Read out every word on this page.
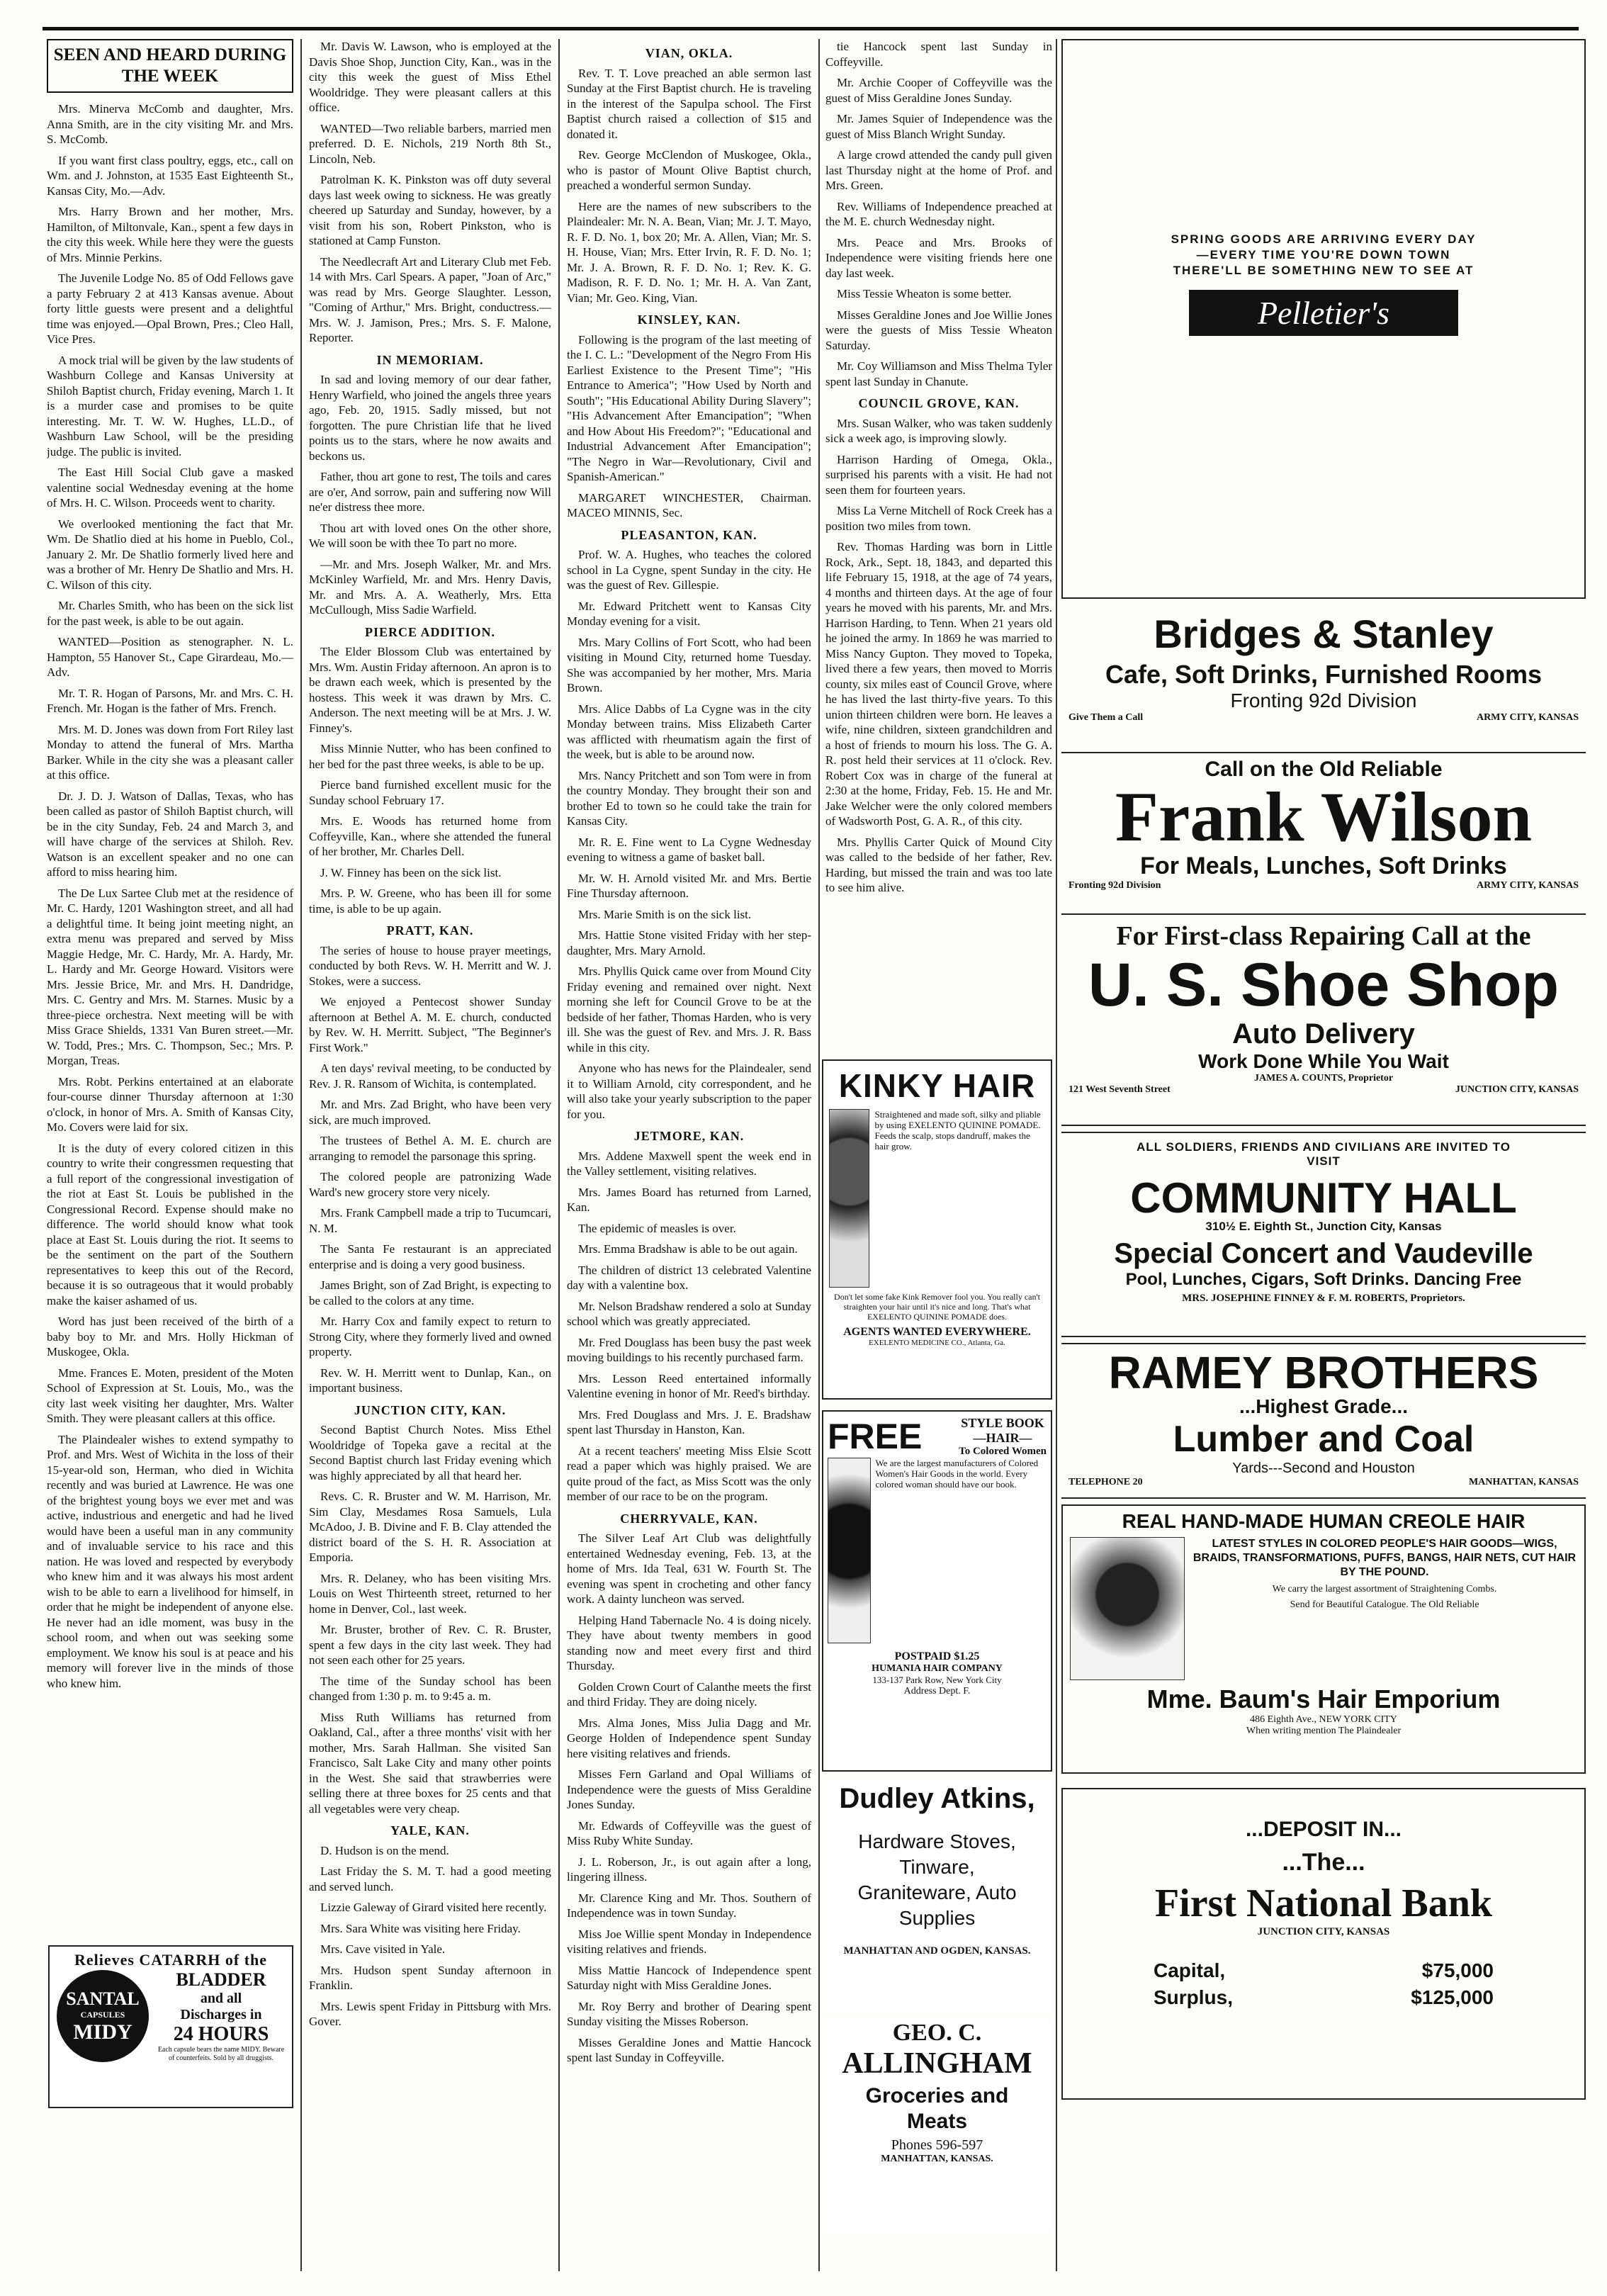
SEEN AND HEARD DURING THE WEEK

Mrs. Minerva McComb and daughter, Mrs. Anna Smith, are in the city visiting Mr. and Mrs. S. McComb.

If you want first class poultry, eggs, etc., call on Wm. and J. Johnston, at 1535 East Eighteenth St., Kansas City, Mo.—Adv.

Mrs. Harry Brown and her mother, Mrs. Hamilton, of Miltonvale, Kan., spent a few days in the city this week. While here they were the guests of Mrs. Minnie Perkins.

The Juvenile Lodge No. 85 of Odd Fellows gave a party February 2 at 413 Kansas avenue. About forty little guests were present and a delightful time was enjoyed.—Opal Brown, Pres.; Cleo Hall, Vice Pres.

A mock trial will be given by the law students of Washburn College and Kansas University at Shiloh Baptist church, Friday evening, March 1. It is a murder case and promises to be quite interesting. Mr. T. W. W. Hughes, LL.D., of Washburn Law School, will be the presiding judge. The public is invited.

The East Hill Social Club gave a masked valentine social Wednesday evening at the home of Mrs. H. C. Wilson. Proceeds went to charity.

We overlooked mentioning the fact that Mr. Wm. De Shatlio died at his home in Pueblo, Col., January 2. Mr. De Shatlio formerly lived here and was a brother of Mr. Henry De Shatlio and Mrs. H. C. Wilson of this city.

Mr. Charles Smith, who has been on the sick list for the past week, is able to be out again.

WANTED—Position as stenographer. N. L. Hampton, 55 Hanover St., Cape Girardeau, Mo.—Adv.

Mr. T. R. Hogan of Parsons, Mr. and Mrs. C. H. French. Mr. Hogan is the father of Mrs. French.

Mrs. M. D. Jones was down from Fort Riley last Monday to attend the funeral of Mrs. Martha Barker. While in the city she was a pleasant caller at this office.

Dr. J. D. J. Watson of Dallas, Texas, who has been called as pastor of Shiloh Baptist church, will be in the city Sunday, Feb. 24 and March 3, and will have charge of the services at Shiloh. Rev. Watson is an excellent speaker and no one can afford to miss hearing him.

The De Lux Sartee Club met at the residence of Mr. C. Hardy, 1201 Washington street, and all had a delightful time. It being joint meeting night, an extra menu was prepared and served by Miss Maggie Hedge, Mr. C. Hardy, Mr. A. Hardy, Mr. L. Hardy and Mr. George Howard. Visitors were Mrs. Jessie Brice, Mr. and Mrs. H. Dandridge, Mrs. C. Gentry and Mrs. M. Starnes. Music by a three-piece orchestra. Next meeting will be with Miss Grace Shields, 1331 Van Buren street.—Mr. W. Todd, Pres.; Mrs. C. Thompson, Sec.; Mrs. P. Morgan, Treas.

Mrs. Robt. Perkins entertained at an elaborate four-course dinner Thursday afternoon at 1:30 o'clock, in honor of Mrs. A. Smith of Kansas City, Mo. Covers were laid for six.

It is the duty of every colored citizen in this country to write their congressmen requesting that a full report of the congressional investigation of the riot at East St. Louis be published in the Congressional Record. Expense should make no difference. The world should know what took place at East St. Louis during the riot. It seems to be the sentiment on the part of the Southern representatives to keep this out of the Record, because it is so outrageous that it would probably make the kaiser ashamed of us.

Word has just been received of the birth of a baby boy to Mr. and Mrs. Holly Hickman of Muskogee, Okla.

Mme. Frances E. Moten, president of the Moten School of Expression at St. Louis, Mo., was the city last week visiting her daughter, Mrs. Walter Smith. They were pleasant callers at this office.

The Plaindealer wishes to extend sympathy to Prof. and Mrs. West of Wichita in the loss of their 15-year-old son, Herman, who died in Wichita recently and was buried at Lawrence. He was one of the brightest young boys we ever met and was active, industrious and energetic and had he lived would have been a useful man in any community and of invaluable service to his race and this nation. He was loved and respected by everybody who knew him and it was always his most ardent wish to be able to earn a livelihood for himself, in order that he might be independent of anyone else. He never had an idle moment, was busy in the school room, and when out was seeking some employment. We know his soul is at peace and his memory will forever live in the minds of those who knew him.

Relieves CATARRH of the
SANTAL
CAPSULES
MIDY
BLADDER
and all
Discharges in
24 HOURS
Each capsule bears the name MIDY. Beware of counterfeits. Sold by all druggists.

Mr. Davis W. Lawson, who is employed at the Davis Shoe Shop, Junction City, Kan., was in the city this week the guest of Miss Ethel Wooldridge. They were pleasant callers at this office.

WANTED—Two reliable barbers, married men preferred. D. E. Nichols, 219 North 8th St., Lincoln, Neb.

Patrolman K. K. Pinkston was off duty several days last week owing to sickness. He was greatly cheered up Saturday and Sunday, however, by a visit from his son, Robert Pinkston, who is stationed at Camp Funston.

The Needlecraft Art and Literary Club met Feb. 14 with Mrs. Carl Spears. A paper, "Joan of Arc," was read by Mrs. George Slaughter. Lesson, "Coming of Arthur," Mrs. Bright, conductress.—Mrs. W. J. Jamison, Pres.; Mrs. S. F. Malone, Reporter.

IN MEMORIAM.

In sad and loving memory of our dear father, Henry Warfield, who joined the angels three years ago, Feb. 20, 1915. Sadly missed, but not forgotten. The pure Christian life that he lived points us to the stars, where he now awaits and beckons us.

Father, thou art gone to rest, The toils and cares are o'er, And sorrow, pain and suffering now Will ne'er distress thee more.

Thou art with loved ones On the other shore, We will soon be with thee To part no more.

—Mr. and Mrs. Joseph Walker, Mr. and Mrs. McKinley Warfield, Mr. and Mrs. Henry Davis, Mr. and Mrs. A. A. Weatherly, Mrs. Etta McCullough, Miss Sadie Warfield.

PIERCE ADDITION.

The Elder Blossom Club was entertained by Mrs. Wm. Austin Friday afternoon. An apron is to be drawn each week, which is presented by the hostess. This week it was drawn by Mrs. C. Anderson. The next meeting will be at Mrs. J. W. Finney's.

Miss Minnie Nutter, who has been confined to her bed for the past three weeks, is able to be up.

Pierce band furnished excellent music for the Sunday school February 17.

Mrs. E. Woods has returned home from Coffeyville, Kan., where she attended the funeral of her brother, Mr. Charles Dell.

J. W. Finney has been on the sick list.

Mrs. P. W. Greene, who has been ill for some time, is able to be up again.

PRATT, KAN.

The series of house to house prayer meetings, conducted by both Revs. W. H. Merritt and W. J. Stokes, were a success.

We enjoyed a Pentecost shower Sunday afternoon at Bethel A. M. E. church, conducted by Rev. W. H. Merritt. Subject, "The Beginner's First Work."

A ten days' revival meeting, to be conducted by Rev. J. R. Ransom of Wichita, is contemplated.

Mr. and Mrs. Zad Bright, who have been very sick, are much improved.

The trustees of Bethel A. M. E. church are arranging to remodel the parsonage this spring.

The colored people are patronizing Wade Ward's new grocery store very nicely.

Mrs. Frank Campbell made a trip to Tucumcari, N. M.

The Santa Fe restaurant is an appreciated enterprise and is doing a very good business.

James Bright, son of Zad Bright, is expecting to be called to the colors at any time.

Mr. Harry Cox and family expect to return to Strong City, where they formerly lived and owned property.

Rev. W. H. Merritt went to Dunlap, Kan., on important business.

JUNCTION CITY, KAN.

Second Baptist Church Notes. Miss Ethel Wooldridge of Topeka gave a recital at the Second Baptist church last Friday evening which was highly appreciated by all that heard her.

Revs. C. R. Bruster and W. M. Harrison, Mr. Sim Clay, Mesdames Rosa Samuels, Lula McAdoo, J. B. Divine and F. B. Clay attended the district board of the S. H. R. Association at Emporia.

Mrs. R. Delaney, who has been visiting Mrs. Louis on West Thirteenth street, returned to her home in Denver, Col., last week.

Mr. Bruster, brother of Rev. C. R. Bruster, spent a few days in the city last week. They had not seen each other for 25 years.

The time of the Sunday school has been changed from 1:30 p. m. to 9:45 a. m.

Miss Ruth Williams has returned from Oakland, Cal., after a three months' visit with her mother, Mrs. Sarah Hallman. She visited San Francisco, Salt Lake City and many other points in the West. She said that strawberries were selling there at three boxes for 25 cents and that all vegetables were very cheap.

YALE, KAN.

D. Hudson is on the mend.

Last Friday the S. M. T. had a good meeting and served lunch.

Lizzie Galeway of Girard visited here recently.

Mrs. Sara White was visiting here Friday.

Mrs. Cave visited in Yale.

Mrs. Hudson spent Sunday afternoon in Franklin.

Mrs. Lewis spent Friday in Pittsburg with Mrs. Gover.

VIAN, OKLA.

Rev. T. T. Love preached an able sermon last Sunday at the First Baptist church. He is traveling in the interest of the Sapulpa school. The First Baptist church raised a collection of $15 and donated it.

Rev. George McClendon of Muskogee, Okla., who is pastor of Mount Olive Baptist church, preached a wonderful sermon Sunday.

Here are the names of new subscribers to the Plaindealer: Mr. N. A. Bean, Vian; Mr. J. T. Mayo, R. F. D. No. 1, box 20; Mr. A. Allen, Vian; Mr. S. H. House, Vian; Mrs. Etter Irvin, R. F. D. No. 1; Mr. J. A. Brown, R. F. D. No. 1; Rev. K. G. Madison, R. F. D. No. 1; Mr. H. A. Van Zant, Vian; Mr. Geo. King, Vian.

KINSLEY, KAN.

Following is the program of the last meeting of the I. C. L.: "Development of the Negro From His Earliest Existence to the Present Time"; "His Entrance to America"; "How Used by North and South"; "His Educational Ability During Slavery"; "His Advancement After Emancipation"; "When and How About His Freedom?"; "Educational and Industrial Advancement After Emancipation"; "The Negro in War—Revolutionary, Civil and Spanish-American."

MARGARET WINCHESTER, Chairman. MACEO MINNIS, Sec.

PLEASANTON, KAN.

Prof. W. A. Hughes, who teaches the colored school in La Cygne, spent Sunday in the city. He was the guest of Rev. Gillespie.

Mr. Edward Pritchett went to Kansas City Monday evening for a visit.

Mrs. Mary Collins of Fort Scott, who had been visiting in Mound City, returned home Tuesday. She was accompanied by her mother, Mrs. Maria Brown.

Mrs. Alice Dabbs of La Cygne was in the city Monday between trains. Miss Elizabeth Carter was afflicted with rheumatism again the first of the week, but is able to be around now.

Mrs. Nancy Pritchett and son Tom were in from the country Monday. They brought their son and brother Ed to town so he could take the train for Kansas City.

Mr. R. E. Fine went to La Cygne Wednesday evening to witness a game of basket ball.

Mr. W. H. Arnold visited Mr. and Mrs. Bertie Fine Thursday afternoon.

Mrs. Marie Smith is on the sick list.

Mrs. Hattie Stone visited Friday with her step-daughter, Mrs. Mary Arnold.

Mrs. Phyllis Quick came over from Mound City Friday evening and remained over night. Next morning she left for Council Grove to be at the bedside of her father, Thomas Harden, who is very ill. She was the guest of Rev. and Mrs. J. R. Bass while in this city.

Anyone who has news for the Plaindealer, send it to William Arnold, city correspondent, and he will also take your yearly subscription to the paper for you.

JETMORE, KAN.

Mrs. Addene Maxwell spent the week end in the Valley settlement, visiting relatives.

Mrs. James Board has returned from Larned, Kan.

The epidemic of measles is over.

Mrs. Emma Bradshaw is able to be out again.

The children of district 13 celebrated Valentine day with a valentine box.

Mr. Nelson Bradshaw rendered a solo at Sunday school which was greatly appreciated.

Mr. Fred Douglass has been busy the past week moving buildings to his recently purchased farm.

Mrs. Lesson Reed entertained informally Valentine evening in honor of Mr. Reed's birthday.

Mrs. Fred Douglass and Mrs. J. E. Bradshaw spent last Thursday in Hanston, Kan.

At a recent teachers' meeting Miss Elsie Scott read a paper which was highly praised. We are quite proud of the fact, as Miss Scott was the only member of our race to be on the program.

CHERRYVALE, KAN.

The Silver Leaf Art Club was delightfully entertained Wednesday evening, Feb. 13, at the home of Mrs. Ida Teal, 631 W. Fourth St. The evening was spent in crocheting and other fancy work. A dainty luncheon was served.

Helping Hand Tabernacle No. 4 is doing nicely. They have about twenty members in good standing now and meet every first and third Thursday.

Golden Crown Court of Calanthe meets the first and third Friday. They are doing nicely.

Mrs. Alma Jones, Miss Julia Dagg and Mr. George Holden of Independence spent Sunday here visiting relatives and friends.

Misses Fern Garland and Opal Williams of Independence were the guests of Miss Geraldine Jones Sunday.

Mr. Edwards of Coffeyville was the guest of Miss Ruby White Sunday.

J. L. Roberson, Jr., is out again after a long, lingering illness.

Mr. Clarence King and Mr. Thos. Southern of Independence was in town Sunday.

Miss Joe Willie spent Monday in Independence visiting relatives and friends.

Miss Mattie Hancock of Independence spent Saturday night with Miss Geraldine Jones.

Mr. Roy Berry and brother of Dearing spent Sunday visiting the Misses Roberson.

Misses Geraldine Jones and Mattie Hancock spent last Sunday in Coffeyville.

tie Hancock spent last Sunday in Coffeyville.

Mr. Archie Cooper of Coffeyville was the guest of Miss Geraldine Jones Sunday.

Mr. James Squier of Independence was the guest of Miss Blanch Wright Sunday.

A large crowd attended the candy pull given last Thursday night at the home of Prof. and Mrs. Green.

Rev. Williams of Independence preached at the M. E. church Wednesday night.

Mrs. Peace and Mrs. Brooks of Independence were visiting friends here one day last week.

Miss Tessie Wheaton is some better.

Misses Geraldine Jones and Joe Willie Jones were the guests of Miss Tessie Wheaton Saturday.

Mr. Coy Williamson and Miss Thelma Tyler spent last Sunday in Chanute.

COUNCIL GROVE, KAN.

Mrs. Susan Walker, who was taken suddenly sick a week ago, is improving slowly.

Harrison Harding of Omega, Okla., surprised his parents with a visit. He had not seen them for fourteen years.

Miss La Verne Mitchell of Rock Creek has a position two miles from town.

Rev. Thomas Harding was born in Little Rock, Ark., Sept. 18, 1843, and departed this life February 15, 1918, at the age of 74 years, 4 months and thirteen days. At the age of four years he moved with his parents, Mr. and Mrs. Harrison Harding, to Tenn. When 21 years old he joined the army. In 1869 he was married to Miss Nancy Gupton. They moved to Topeka, lived there a few years, then moved to Morris county, six miles east of Council Grove, where he has lived the last thirty-five years. To this union thirteen children were born. He leaves a wife, nine children, sixteen grandchildren and a host of friends to mourn his loss. The G. A. R. post held their services at 11 o'clock. Rev. Robert Cox was in charge of the funeral at 2:30 at the home, Friday, Feb. 15. He and Mr. Jake Welcher were the only colored members of Wadsworth Post, G. A. R., of this city.

Mrs. Phyllis Carter Quick of Mound City was called to the bedside of her father, Rev. Harding, but missed the train and was too late to see him alive.

KINKY HAIR
Straightened and made soft, silky and pliable by using EXELENTO QUININE POMADE. Feeds the scalp, stops dandruff, makes the hair grow.
Don't let some fake Kink Remover fool you. You really can't straighten your hair until it's nice and long. That's what EXELENTO QUININE POMADE does.
AGENTS WANTED EVERYWHERE.
EXELENTO MEDICINE CO., Atlanta, Ga.
FREE	STYLE BOOK
—HAIR—
To Colored Women
We are the largest manufacturers of Colored Women's Hair Goods in the world. Every colored woman should have our book.
POSTPAID $1.25
HUMANIA HAIR COMPANY
133-137 Park Row, New York City
Address Dept. F.
Dudley Atkins,
Hardware Stoves, Tinware, Graniteware, Auto Supplies
MANHATTAN AND OGDEN, KANSAS.
GEO. C.
ALLINGHAM
Groceries and Meats
Phones 596-597
MANHATTAN, KANSAS.
SPRING GOODS ARE ARRIVING EVERY DAY—EVERY TIME YOU'RE DOWN TOWN THERE'LL BE SOMETHING NEW TO SEE AT
Pelletier's
Bridges & Stanley
Cafe, Soft Drinks, Furnished Rooms
Fronting 92d Division
Give Them a Call	ARMY CITY, KANSAS
Call on the Old Reliable
Frank Wilson
For Meals, Lunches, Soft Drinks
Fronting 92d Division	ARMY CITY, KANSAS
For First-class Repairing Call at the
U. S. Shoe Shop
Auto Delivery
Work Done While You Wait
JAMES A. COUNTS, Proprietor
121 West Seventh Street	JUNCTION CITY, KANSAS
ALL SOLDIERS, FRIENDS AND CIVILIANS ARE INVITED TO VISIT
COMMUNITY HALL
310½ E. Eighth St., Junction City, Kansas
Special Concert and Vaudeville
Pool, Lunches, Cigars, Soft Drinks. Dancing Free
MRS. JOSEPHINE FINNEY & F. M. ROBERTS, Proprietors.
RAMEY BROTHERS
...Highest Grade...
Lumber and Coal
Yards---Second and Houston
TELEPHONE 20	MANHATTAN, KANSAS
REAL HAND-MADE HUMAN CREOLE HAIR
LATEST STYLES IN COLORED PEOPLE'S HAIR GOODS—WIGS, BRAIDS, TRANSFORMATIONS, PUFFS, BANGS, HAIR NETS, CUT HAIR BY THE POUND.
We carry the largest assortment of Straightening Combs.
Send for Beautiful Catalogue. The Old Reliable
Mme. Baum's Hair Emporium
486 Eighth Ave., NEW YORK CITY
When writing mention The Plaindealer
...DEPOSIT IN...
...The...
First National Bank
JUNCTION CITY, KANSAS
Capital,	$75,000
Surplus,	$125,000
